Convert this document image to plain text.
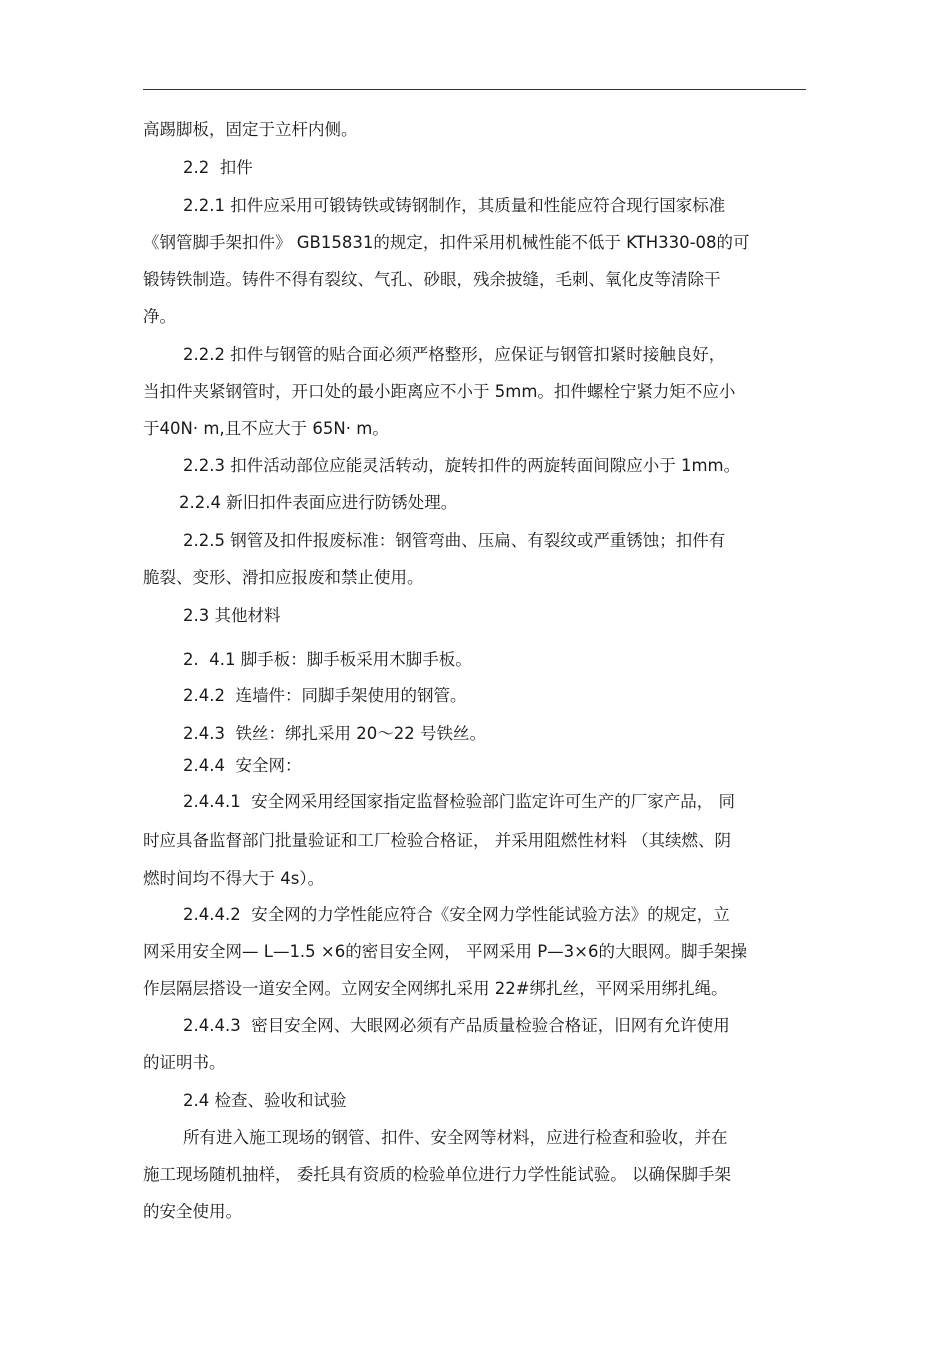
高踢脚板，固定于立杆内侧。
2.2  扣件
2.2.1 扣件应采用可锻铸铁或铸钢制作，其质量和性能应符合现行国家标准
《钢管脚手架扣件》 GB15831的规定，扣件采用机械性能不低于 KTH330-08的可
锻铸铁制造。铸件不得有裂纹、气孔、砂眼，残余披缝，毛刺、氧化皮等清除干
净。
2.2.2 扣件与钢管的贴合面必须严格整形，应保证与钢管扣紧时接触良好，
当扣件夹紧钢管时，开口处的最小距离应不小于 5mm。扣件螺栓宁紧力矩不应小
于40N· m,且不应大于 65N· m。
2.2.3 扣件活动部位应能灵活转动，旋转扣件的两旋转面间隙应小于 1mm。
2.2.4 新旧扣件表面应进行防锈处理。
2.2.5 钢管及扣件报废标准：钢管弯曲、压扁、有裂纹或严重锈蚀；扣件有
脆裂、变形、滑扣应报废和禁止使用。
2.3 其他材料
2.  4.1 脚手板：脚手板采用木脚手板。
2.4.2  连墙件：同脚手架使用的钢管。
2.4.3  铁丝：绑扎采用 20～22 号铁丝。
2.4.4  安全网：
2.4.4.1  安全网采用经国家指定监督检验部门监定许可生产的厂家产品， 同
时应具备监督部门批量验证和工厂检验合格证， 并采用阻燃性材料 （其续燃、阴
燃时间均不得大于 4s）。
2.4.4.2  安全网的力学性能应符合《安全网力学性能试验方法》的规定，立
网采用安全网— L—1.5 ×6的密目安全网， 平网采用 P—3×6的大眼网。脚手架操
作层隔层搭设一道安全网。立网安全网绑扎采用 22#绑扎丝，平网采用绑扎绳。
2.4.4.3  密目安全网、大眼网必须有产品质量检验合格证，旧网有允许使用
的证明书。
2.4 检查、验收和试验
所有进入施工现场的钢管、扣件、安全网等材料，应进行检查和验收，并在
施工现场随机抽样， 委托具有资质的检验单位进行力学性能试验。 以确保脚手架
的安全使用。
